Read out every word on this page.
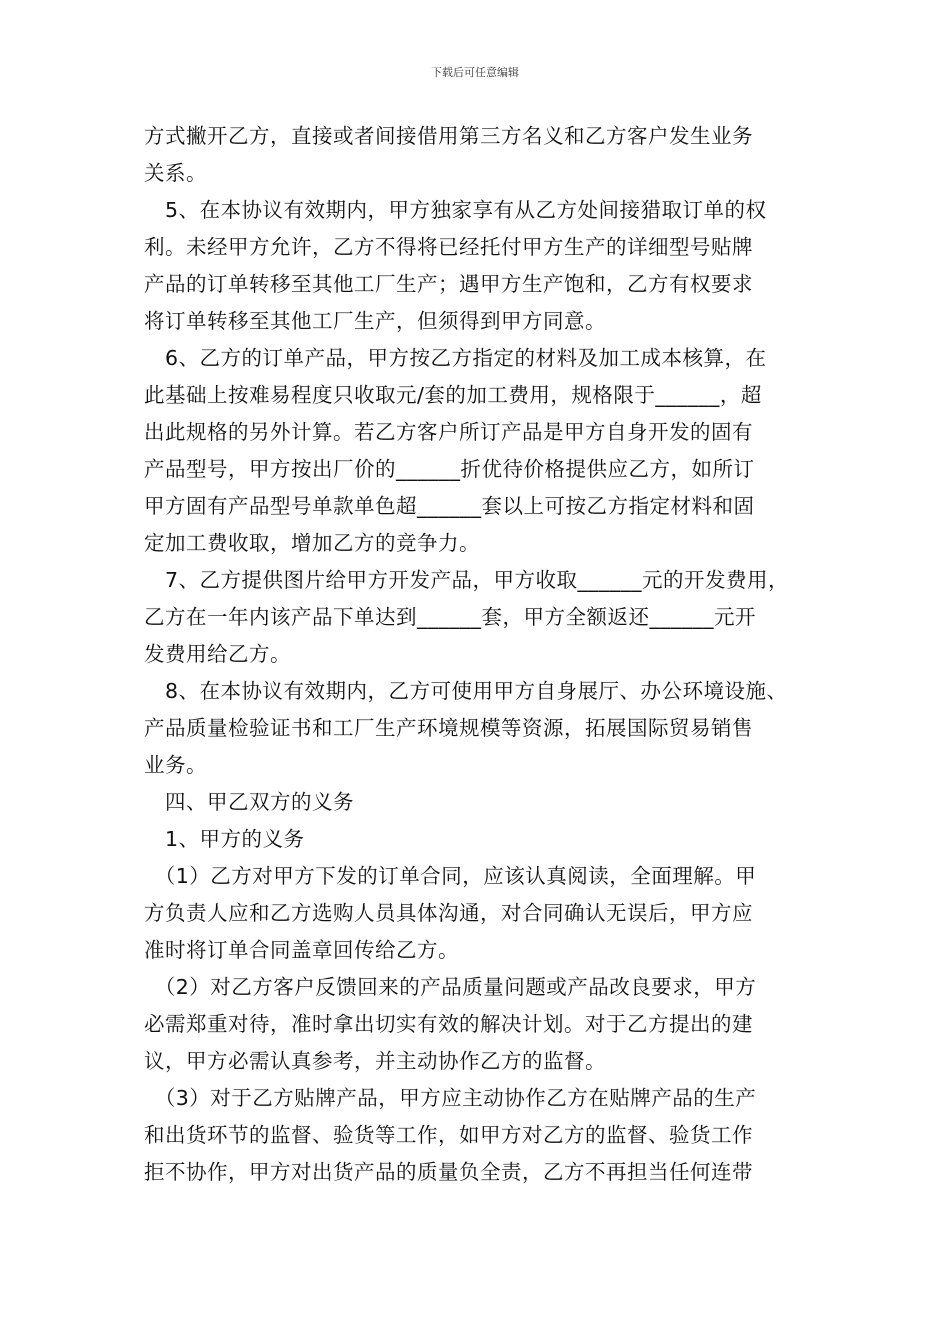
下载后可任意编辑
方式撇开乙方，直接或者间接借用第三方名义和乙方客户发生业务
关系。
　5、在本协议有效期内，甲方独家享有从乙方处间接猎取订单的权
利。未经甲方允许，乙方不得将已经托付甲方生产的详细型号贴牌
产品的订单转移至其他工厂生产；遇甲方生产饱和，乙方有权要求
将订单转移至其他工厂生产，但须得到甲方同意。
　6、乙方的订单产品，甲方按乙方指定的材料及加工成本核算，在
此基础上按难易程度只收取元/套的加工费用，规格限于______，超
出此规格的另外计算。若乙方客户所订产品是甲方自身开发的固有
产品型号，甲方按出厂价的______折优待价格提供应乙方，如所订
甲方固有产品型号单款单色超______套以上可按乙方指定材料和固
定加工费收取，增加乙方的竞争力。
　7、乙方提供图片给甲方开发产品，甲方收取______元的开发费用，
乙方在一年内该产品下单达到______套，甲方全额返还______元开
发费用给乙方。
　8、在本协议有效期内，乙方可使用甲方自身展厅、办公环境设施、
产品质量检验证书和工厂生产环境规模等资源，拓展国际贸易销售
业务。
　四、甲乙双方的义务
　1、甲方的义务
　（1）乙方对甲方下发的订单合同，应该认真阅读，全面理解。甲
方负责人应和乙方选购人员具体沟通，对合同确认无误后，甲方应
准时将订单合同盖章回传给乙方。
　（2）对乙方客户反馈回来的产品质量问题或产品改良要求，甲方
必需郑重对待，准时拿出切实有效的解决计划。对于乙方提出的建
议，甲方必需认真参考，并主动协作乙方的监督。
　（3）对于乙方贴牌产品，甲方应主动协作乙方在贴牌产品的生产
和出货环节的监督、验货等工作，如甲方对乙方的监督、验货工作
拒不协作，甲方对出货产品的质量负全责，乙方不再担当任何连带
